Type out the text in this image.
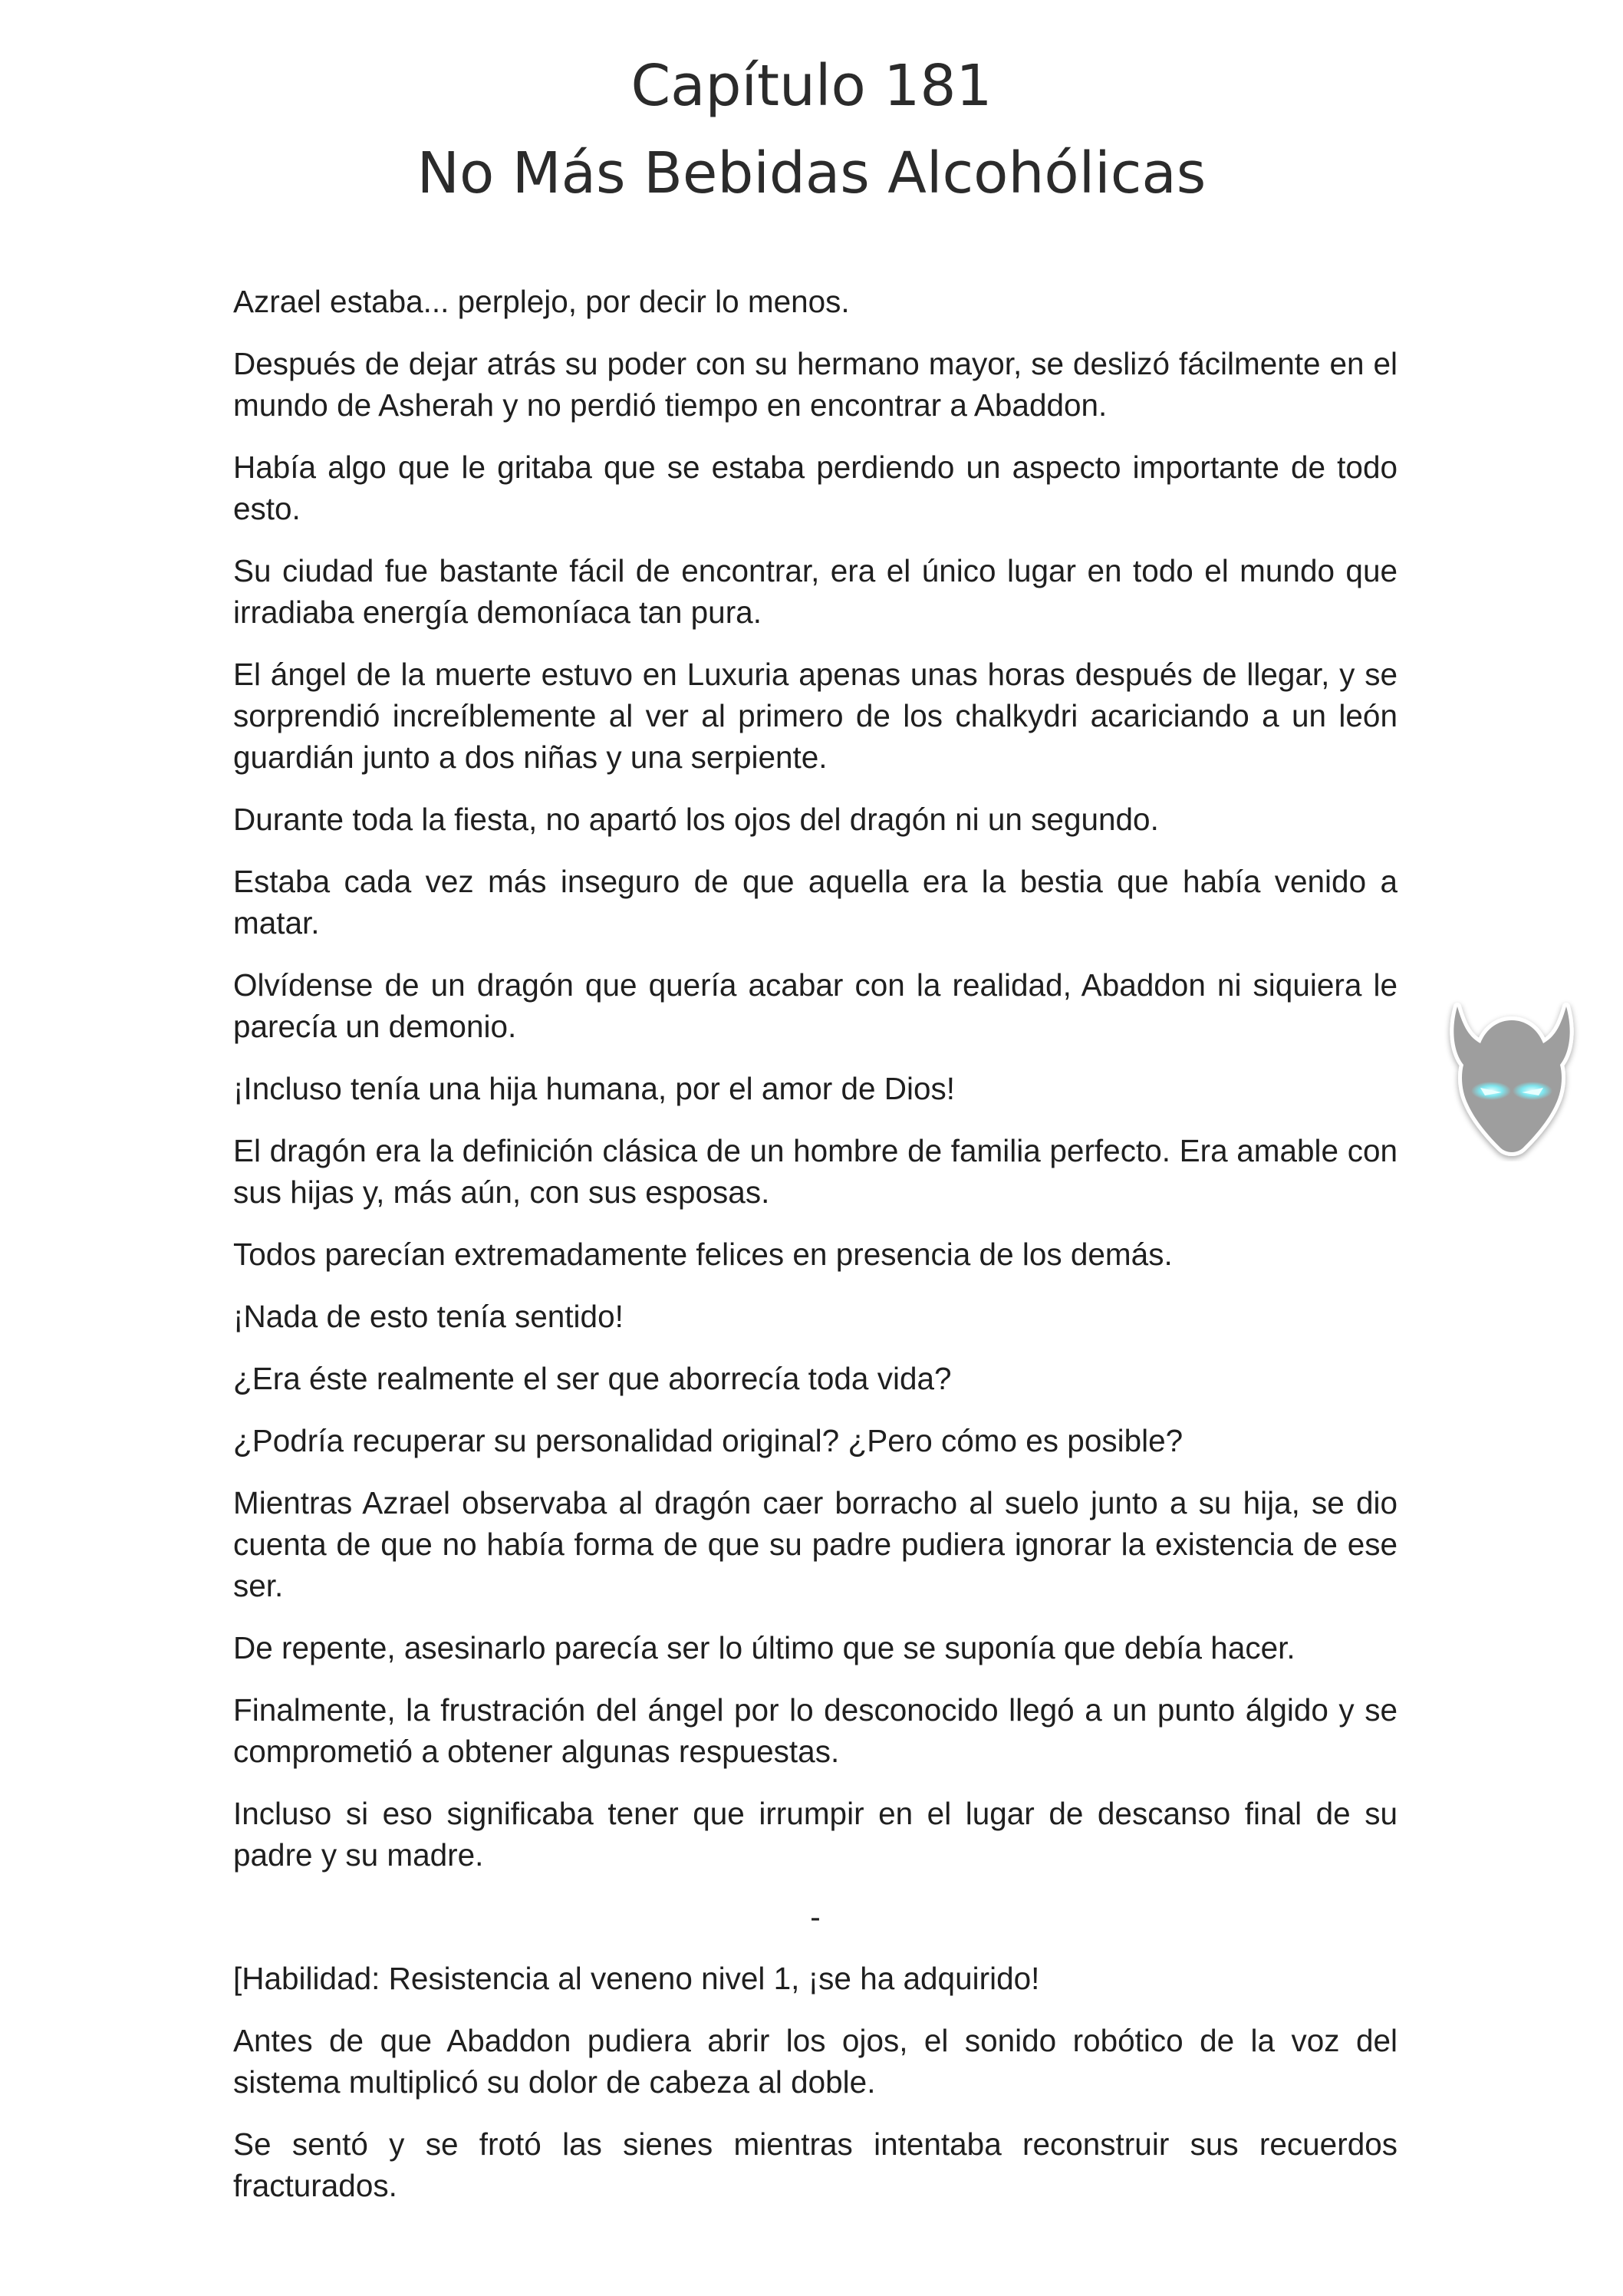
Capítulo 181
No Más Bebidas Alcohólicas

Azrael estaba... perplejo, por decir lo menos.

Después de dejar atrás su poder con su hermano mayor, se deslizó fácilmente en el mundo de Asherah y no perdió tiempo en encontrar a Abaddon.

Había algo que le gritaba que se estaba perdiendo un aspecto importante de todo esto.

Su ciudad fue bastante fácil de encontrar, era el único lugar en todo el mundo que irradiaba energía demoníaca tan pura.

El ángel de la muerte estuvo en Luxuria apenas unas horas después de llegar, y se sorprendió increíblemente al ver al primero de los chalkydri acariciando a un león guardián junto a dos niñas y una serpiente.

Durante toda la fiesta, no apartó los ojos del dragón ni un segundo.

Estaba cada vez más inseguro de que aquella era la bestia que había venido a matar.

Olvídense de un dragón que quería acabar con la realidad, Abaddon ni siquiera le parecía un demonio.

¡Incluso tenía una hija humana, por el amor de Dios!

El dragón era la definición clásica de un hombre de familia perfecto. Era amable con sus hijas y, más aún, con sus esposas.

Todos parecían extremadamente felices en presencia de los demás.

¡Nada de esto tenía sentido!

¿Era éste realmente el ser que aborrecía toda vida?

¿Podría recuperar su personalidad original? ¿Pero cómo es posible?

Mientras Azrael observaba al dragón caer borracho al suelo junto a su hija, se dio cuenta de que no había forma de que su padre pudiera ignorar la existencia de ese ser.

De repente, asesinarlo parecía ser lo último que se suponía que debía hacer.

Finalmente, la frustración del ángel por lo desconocido llegó a un punto álgido y se comprometió a obtener algunas respuestas.

Incluso si eso significaba tener que irrumpir en el lugar de descanso final de su padre y su madre.

-

[Habilidad: Resistencia al veneno nivel 1, ¡se ha adquirido!

Antes de que Abaddon pudiera abrir los ojos, el sonido robótico de la voz del sistema multiplicó su dolor de cabeza al doble.

Se sentó y se frotó las sienes mientras intentaba reconstruir sus recuerdos fracturados.
